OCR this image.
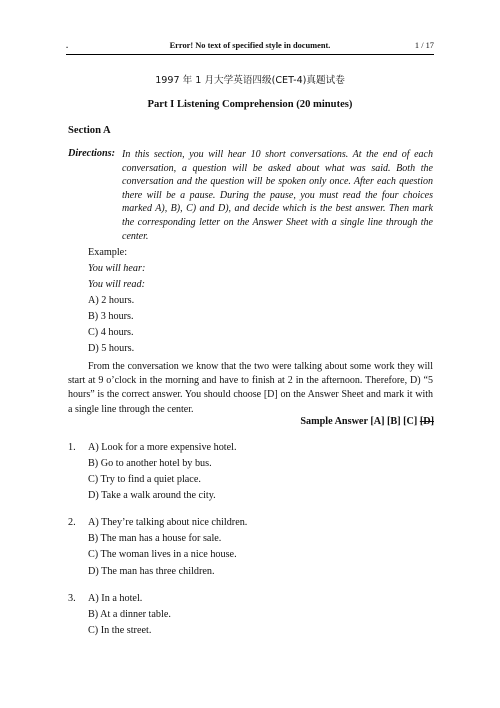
.	Error! No text of specified style in document.	1 / 17
1997 年 1 月大学英语四级(CET-4)真题试卷
Part I Listening Comprehension (20 minutes)
Section A
Directions: In this section, you will hear 10 short conversations. At the end of each conversation, a question will be asked about what was said. Both the conversation and the question will be spoken only once. After each question there will be a pause. During the pause, you must read the four choices marked A), B), C) and D), and decide which is the best answer. Then mark the corresponding letter on the Answer Sheet with a single line through the center.
Example:
You will hear:
You will read:
A) 2 hours.
B) 3 hours.
C) 4 hours.
D) 5 hours.
From the conversation we know that the two were talking about some work they will start at 9 o’clock in the morning and have to finish at 2 in the afternoon. Therefore, D) “5 hours” is the correct answer. You should choose [D] on the Answer Sheet and mark it with a single line through the center.
Sample Answer [A] [B] [C] [D]
1. A) Look for a more expensive hotel.
B) Go to another hotel by bus.
C) Try to find a quiet place.
D) Take a walk around the city.
2. A) They’re talking about nice children.
B) The man has a house for sale.
C) The woman lives in a nice house.
D) The man has three children.
3. A) In a hotel.
B) At a dinner table.
C) In the street.
